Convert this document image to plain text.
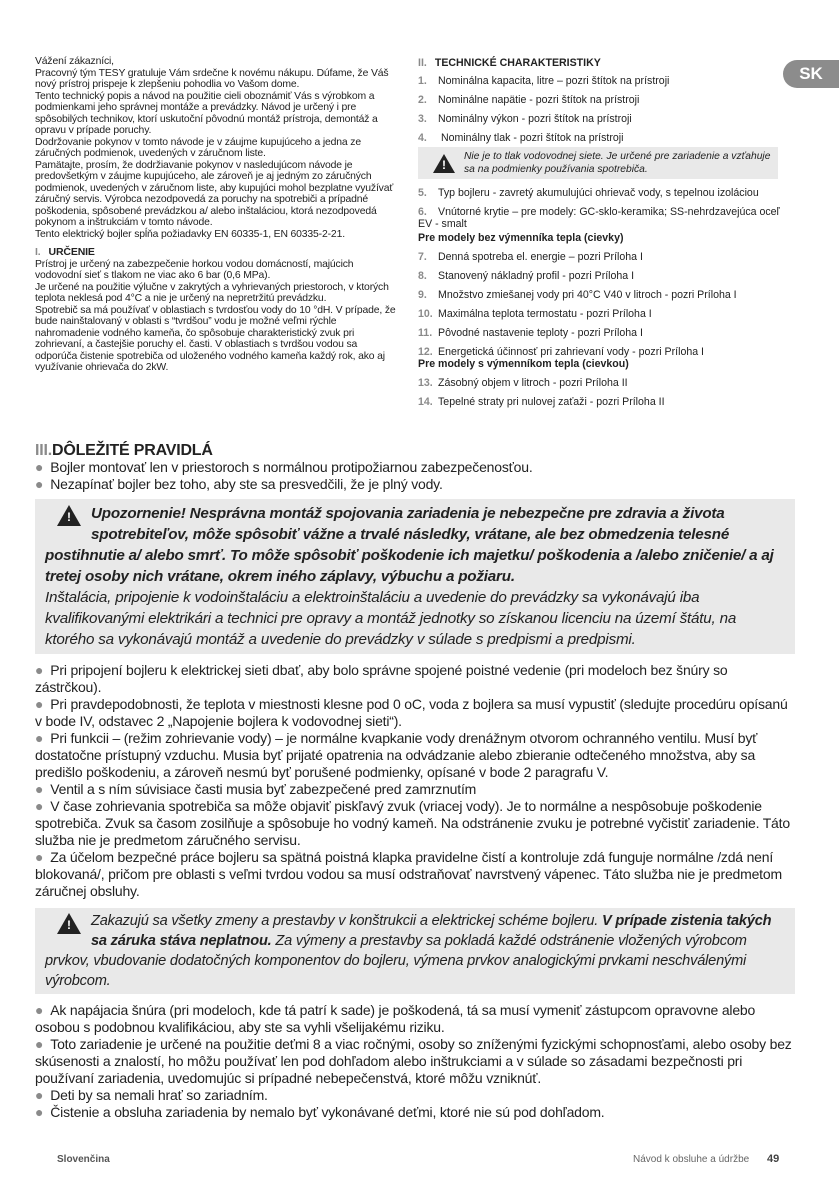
SK

Vážení zákazníci,

Pracovný tým TESY gratuluje Vám srdečne k novému nákupu. Dúfame, že Váš nový prístroj prispeje k zlepšeniu pohodlia vo Vašom dome.

Tento technický popis a návod na použitie cieli oboznámiť Vás s výrobkom a podmienkami jeho správnej montáže a prevádzky. Návod je určený i pre spôsobilých technikov, ktorí uskutoční pôvodnú montáž prístroja, demontáž a opravu v prípade poruchy.

Dodržovanie pokynov v tomto návode je v záujme kupujúceho a jedna ze záručných podmienok, uvedených v záručnom liste.

Pamätajte, prosím, že dodržiavanie pokynov v nasledujúcom návode je predovšetkým v záujme kupujúceho, ale zároveň je aj jedným zo záručných podmienok, uvedených v záručnom liste, aby kupujúci mohol bezplatne využívať záručný servis. Výrobca nezodpovedá za poruchy na spotrebiči a prípadné poškodenia, spôsobené prevádzkou a/ alebo inštaláciou, ktorá nezodpovedá pokynom a inštrukciám v tomto návode.

Tento elektrický bojler spĺňa požiadavky EN 60335-1, EN 60335-2-21.

I. URČENIE

Prístroj je určený na zabezpečenie horkou vodou domácností, majúcich vodovodní sieť s tlakom ne viac ako 6 bar (0,6 MPa).

Je určené na použitie výlučne v zakrytých a vyhrievaných priestoroch, v ktorých teplota neklesá pod 4°C a nie je určený na nepretržitú prevádzku.

Spotrebič sa má používať v oblastiach s tvrdosťou vody do 10 °dH. V prípade, že bude nainštalovaný v oblasti s “tvrdšou” vodu je možné veľmi rýchle nahromadenie vodného kameňa, čo spôsobuje charakteristický zvuk pri zohrievaní, a častejšie poruchy el. časti. V oblastiach s tvrdšou vodou sa odporúča čistenie spotrebiča od uloženého vodného kameňa každý rok, ako aj využívanie ohrievača do 2kW.

II. TECHNICKÉ CHARAKTERISTIKY

1. Nominálna kapacita, litre – pozri štítok na prístroji

2. Nominálne napätie - pozri štítok na prístroji

3. Nominálny výkon - pozri štítok na prístroji

4. Nominálny tlak - pozri štítok na prístroji

!
Nie je to tlak vodovodnej siete. Je určené pre zariadenie a vzťahuje sa na podmienky používania spotrebiča.

5. Typ bojleru - zavretý akumulujúci ohrievač vody, s tepelnou izoláciou

6. Vnútorné krytie – pre modely: GC-sklo-keramika; SS-nehrdzavejúca oceľ EV - smalt

Pre modely bez výmenníka tepla (cievky)

7. Denná spotreba el. energie – pozri Príloha I

8. Stanovený nákladný profil - pozri Príloha I

9. Množstvo zmiešanej vody pri 40°C V40 v litroch - pozri Príloha I

10. Maximálna teplota termostatu - pozri Príloha I

11. Pôvodné nastavenie teploty - pozri Príloha I

12. Energetická účinnosť pri zahrievaní vody - pozri Príloha I

Pre modely s výmenníkom tepla (cievkou)

13. Zásobný objem v litroch - pozri Príloha II

14. Tepelné straty pri nulovej zaťaži - pozri Príloha II

III.DÔLEŽITÉ PRAVIDLÁ

● Bojler montovať len v priestoroch s normálnou protipožiarnou zabezpečenosťou.

● Nezapínať bojler bez toho, aby ste sa presvedčili, že je plný vody.

!	Upozornenie! Nesprávna montáž spojovania zariadenia je nebezpečne pre zdravia a života spotrebiteľov, môže spôsobiť vážne a trvalé následky, vrátane, ale bez obmedzenia telesné postihnutie a/ alebo smrť. To môže spôsobiť poškodenie ich majetku/ poškodenia a /alebo zničenie/ a aj tretej osoby nich vrátane, okrem iného záplavy, výbuchu a požiaru.

Inštalácia, pripojenie k vodoinštaláciu a elektroinštaláciu a uvedenie do prevádzky sa vykonávajú iba kvalifikovanými elektrikári a technici pre opravy a montáž jednotky so získanou licenciu na území štátu, na ktorého sa vykonávajú montáž a uvedenie do prevádzky v súlade s predpismi a predpismi.

● Pri pripojení bojleru k elektrickej sieti dbať, aby bolo správne spojené poistné vedenie (pri modeloch bez šnúry so zástrčkou).

● Pri pravdepodobnosti, že teplota v miestnosti klesne pod 0 oC, voda z bojlera sa musí vypustiť (sledujte procedúru opísanú v bode IV, odstavec 2 „Napojenie bojlera k vodovodnej sieti“).

● Pri funkcii – (režim zohrievanie vody) – je normálne kvapkanie vody drenážnym otvorom ochranného ventilu. Musí byť dostatočne prístupný vzduchu. Musia byť prijaté opatrenia na odvádzanie alebo zbieranie odtečeného množstva, aby sa predišlo poškodeniu, a zároveň nesmú byť porušené podmienky, opísané v bode 2 paragrafu V.

● Ventil a s ním súvisiace časti musia byť zabezpečené pred zamrznutím

● V čase zohrievania spotrebiča sa môže objaviť piskľavý zvuk (vriacej vody). Je to normálne a nespôsobuje poškodenie spotrebiča. Zvuk sa časom zosilňuje a spôsobuje ho vodný kameň. Na odstránenie zvuku je potrebné vyčistiť zariadenie. Táto služba nie je predmetom záručného servisu.

● Za účelom bezpečné práce bojleru sa spätná poistná klapka pravidelne čistí a kontroluje zdá funguje normálne /zdá není blokovaná/, pričom pre oblasti s veľmi tvrdou vodou sa musí odstraňovať navrstvený vápenec. Táto služba nie je predmetom záručnej obsluhy.

! Zakazujú sa všetky zmeny a prestavby v konštrukcii a elektrickej schéme bojleru. V prípade zistenia takých sa záruka stáva neplatnou. Za výmeny a prestavby sa pokladá každé odstránenie vložených výrobcom prvkov, vbudovanie dodatočných komponentov do bojleru, výmena prvkov analogickými prvkami neschválenými výrobcom.

● Ak napájacia šnúra (pri modeloch, kde tá patrí k sade) je poškodená, tá sa musí vymeniť zástupcom opravovne alebo osobou s podobnou kvalifikáciou, aby ste sa vyhli všelijakému riziku.

● Toto zariadenie je určené na použitie deťmi 8 a viac ročnými, osoby so zníženými fyzickými schopnosťami, alebo osoby bez skúsenosti a znalostí, ho môžu používať len pod dohľadom alebo inštrukciami a v súlade so zásadami bezpečnosti pri používaní zariadenia, uvedomujúc si prípadné nebepečenstvá, ktoré môžu vzniknúť.

● Deti by sa nemali hrať so zariadním.

● Čistenie a obsluha zariadenia by nemalo byť vykonávané deťmi, ktoré nie sú pod dohľadom.

Slovenčina	Návod k obsluhe a údržbe 49
